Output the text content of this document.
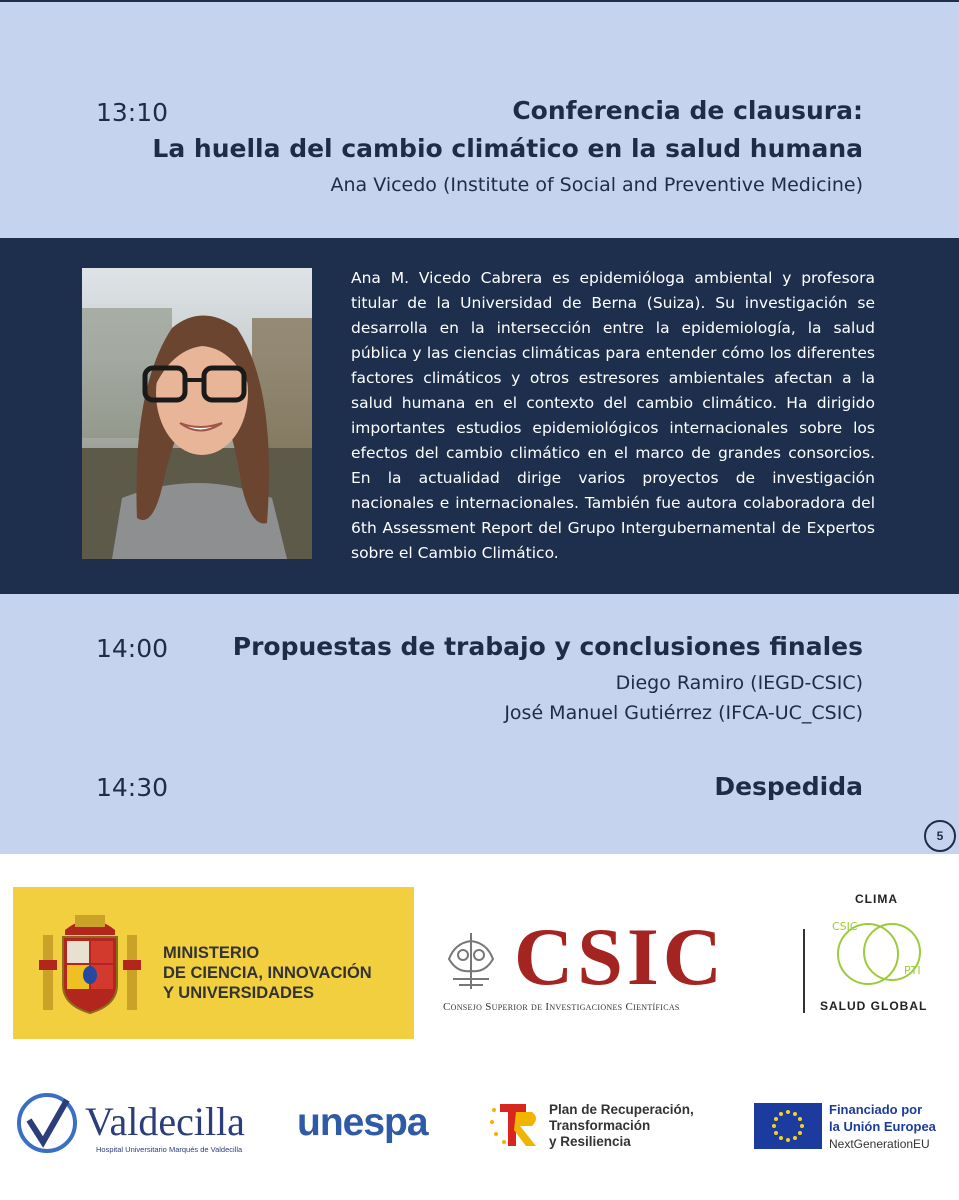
13:10	Conferencia de clausura:
La huella del cambio climático en la salud humana
Ana Vicedo (Institute of Social and Preventive Medicine)

Ana M. Vicedo Cabrera es epidemióloga ambiental y profesora titular de la Universidad de Berna (Suiza). Su investigación se desarrolla en la intersección entre la epidemiología, la salud pública y las ciencias climáticas para entender cómo los diferentes factores climáticos y otros estresores ambientales afectan a la salud humana en el contexto del cambio climático. Ha dirigido importantes estudios epidemiológicos internacionales sobre los efectos del cambio climático en el marco de grandes consorcios. En la actualidad dirige varios proyectos de investigación nacionales e internacionales. También fue autora colaboradora del 6th Assessment Report del Grupo Intergubernamental de Expertos sobre el Cambio Climático.

14:00	Propuestas de trabajo y conclusiones finales
Diego Ramiro (IEGD-CSIC)
José Manuel Gutiérrez (IFCA-UC_CSIC)
14:30	Despedida
5
MINISTERIO
DE CIENCIA, INNOVACIÓN
Y UNIVERSIDADES	CSIC
Consejo Superior de Investigaciones Científicas
CLIMA
CSIC
PTI
SALUD GLOBAL
Valdecilla
Hospital Universitario Marqués de Valdecilla
unespa	Plan de Recuperación,
Transformación
y Resiliencia
Financiado por
la Unión Europea
NextGenerationEU
